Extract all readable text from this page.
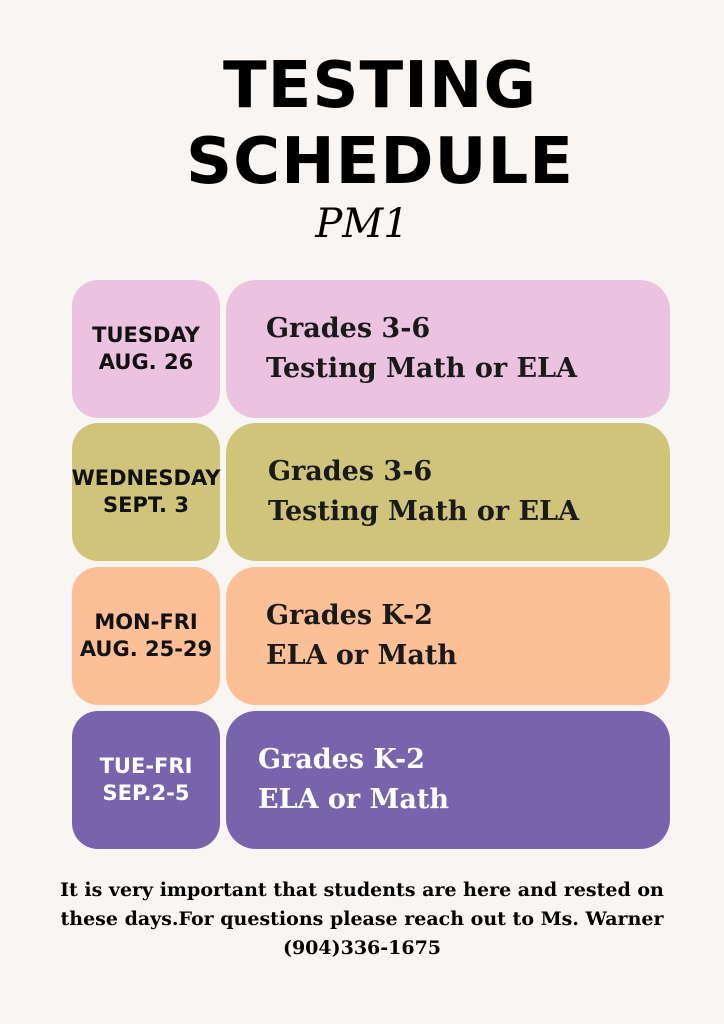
TESTING
SCHEDULE
PM1
TUESDAY
AUG. 26
Grades 3-6
Testing Math or ELA
WEDNESDAY
SEPT. 3
Grades 3-6
Testing Math or ELA
MON-FRI
AUG. 25-29
Grades K-2
ELA or Math
TUE-FRI
SEP.2-5
Grades K-2
ELA or Math
It is very important that students are here and rested on
these days.For questions please reach out to Ms. Warner
(904)336-1675
